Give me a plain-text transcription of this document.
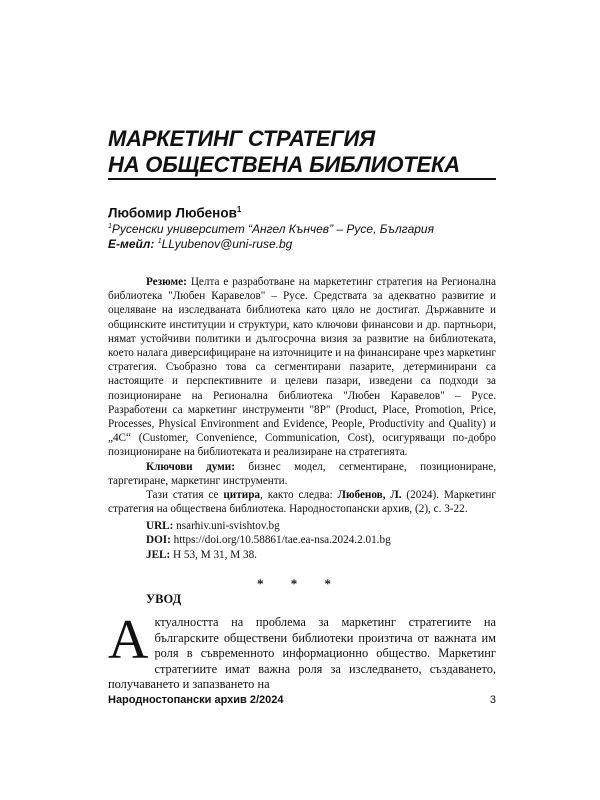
МАРКЕТИНГ СТРАТЕГИЯ
НА ОБЩЕСТВЕНА БИБЛИОТЕКА
Любомир Любенов$^1$
$^1$Русенски университет “Ангел Кънчев” – Русе, България
Е-мейл: $^1$LLyubenov@uni-ruse.bg

Резюме: Целта е разработване на маркететинг стратегия на Регионална библиотека "Любен Каравелов" – Русе. Средствата за адекватно развитие и оцеляване на изследваната библиотека като цяло не достигат. Държавните и общинските институции и структури, като ключови финансови и др. партньори, нямат устойчиви политики и дългосрочна визия за развитие на библиотеката, което налага диверсифициране на източниците и на финансиране чрез маркетинг стратегия. Съобразно това са сегментирани пазарите, детерминирани са настоящите и перспективните и целеви пазари, изведени са подходи за позициониране на Регионална библиотека "Любен Каравелов" – Русе. Разработени са маркетинг инструменти "8P" (Product, Place, Promotion, Price, Processes, Physical Environment and Evidence, People, Productivity and Quality) и „4C“ (Customer, Convenience, Communication, Cost), осигуряващи по-добро позициониране на библиотеката и реализиране на стратегията.

Ключови думи: бизнес модел, сегментиране, позициониране, таргетиране, маркетинг инструменти.

Тази статия се цитира, както следва: Любенов, Л. (2024). Маркетинг стратегия на обществена библиотека. Народностопански архив, (2), с. 3-22.

URL: nsarhiv.uni-svishtov.bg
DOI: https://doi.org/10.58861/tae.ea-nsa.2024.2.01.bg
JEL: H 53, M 31, M 38.
* * *
УВОД
А ктуалността на проблема за маркетинг стратегиите на българските обществени библиотеки произтича от важната им роля в съвременното информационно общество. Маркетинг стратегиите имат важна роля за изследването, създаването, получаването и запазването на
Народностопански архив 2/2024	3
